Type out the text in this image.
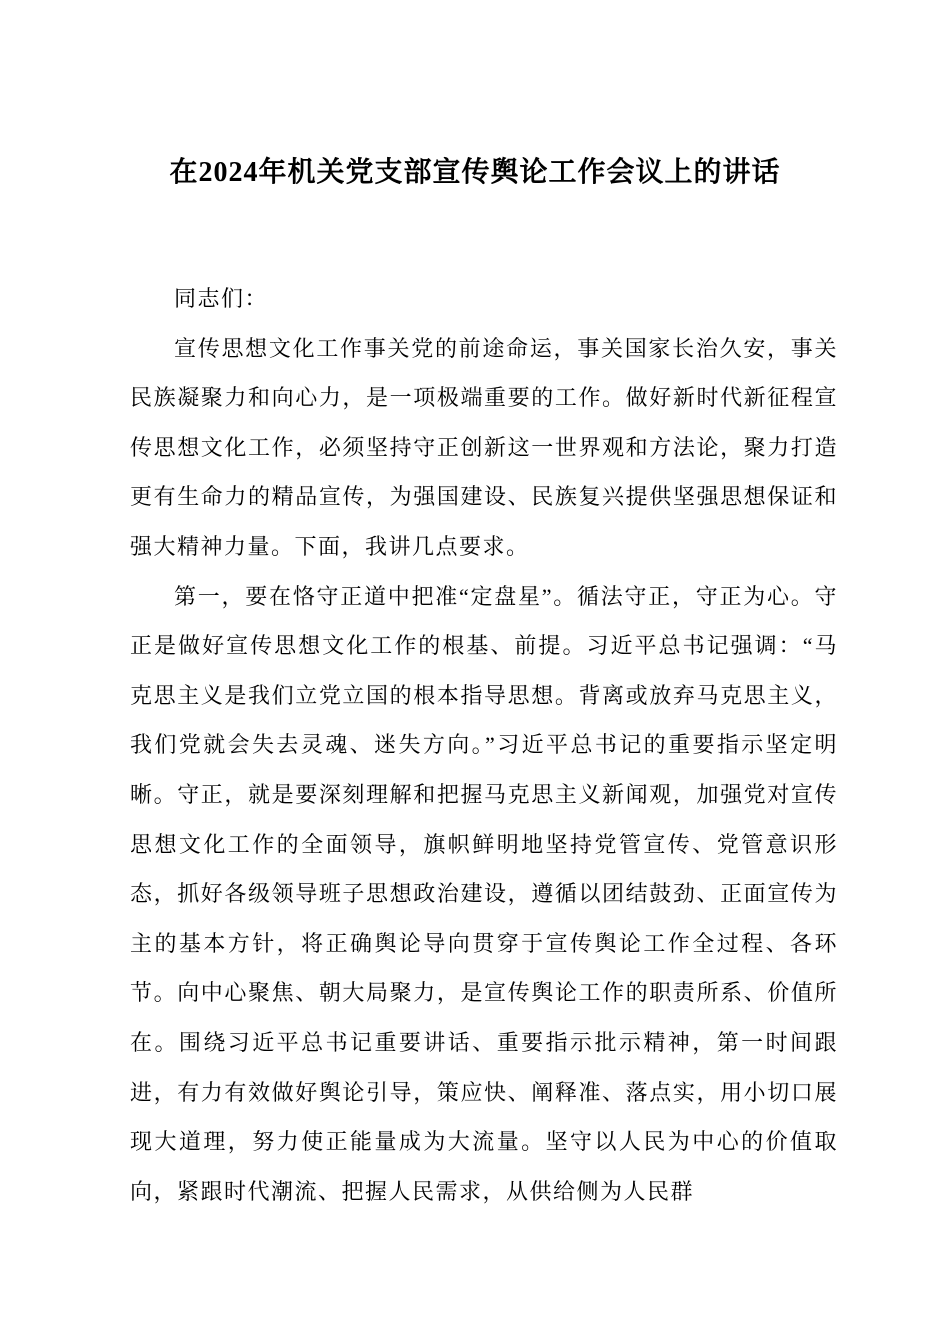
在2024年机关党支部宣传舆论工作会议上的讲话

同志们：

宣传思想文化工作事关党的前途命运，事关国家长治久安，事关民族凝聚力和向心力，是一项极端重要的工作。做好新时代新征程宣传思想文化工作，必须坚持守正创新这一世界观和方法论，聚力打造更有生命力的精品宣传，为强国建设、民族复兴提供坚强思想保证和强大精神力量。下面，我讲几点要求。

第一，要在恪守正道中把准“定盘星”。循法守正，守正为心。守正是做好宣传思想文化工作的根基、前提。习近平总书记强调：“马克思主义是我们立党立国的根本指导思想。背离或放弃马克思主义，我们党就会失去灵魂、迷失方向。”习近平总书记的重要指示坚定明晰。守正，就是要深刻理解和把握马克思主义新闻观，加强党对宣传思想文化工作的全面领导，旗帜鲜明地坚持党管宣传、党管意识形态，抓好各级领导班子思想政治建设，遵循以团结鼓劲、正面宣传为主的基本方针，将正确舆论导向贯穿于宣传舆论工作全过程、各环节。向中心聚焦、朝大局聚力，是宣传舆论工作的职责所系、价值所在。围绕习近平总书记重要讲话、重要指示批示精神，第一时间跟进，有力有效做好舆论引导，策应快、阐释准、落点实，用小切口展现大道理，努力使正能量成为大流量。坚守以人民为中心的价值取向，紧跟时代潮流、把握人民需求，从供给侧为人民群
